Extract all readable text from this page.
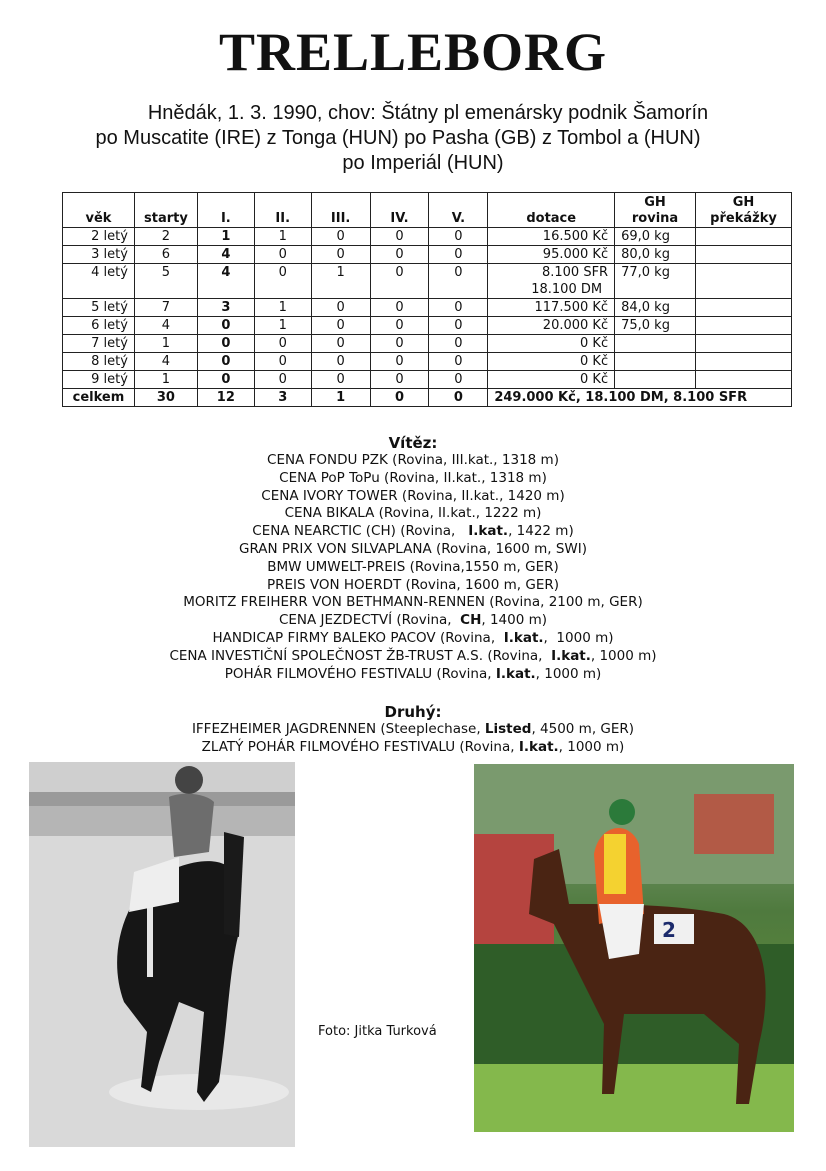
TRELLEBORG
Hnědák, 1. 3. 1990, chov: Štátny pl emenársky podnik Šamorín
po Muscatite (IRE) z Tonga (HUN) po Pasha (GB) z Tombol a (HUN)
po Imperiál (HUN)
věk	starty	I.	II.	III.	IV.	V.	dotace	GH rovina	GH překážky
2 letý	2	1	1	0	0	0	16.500 Kč	69,0 kg	
3 letý	6	4	0	0	0	0	95.000 Kč	80,0 kg	
4 letý	5	4	0	1	0	0	8.100 SFR
18.100 DM	77,0 kg	
5 letý	7	3	1	0	0	0	117.500 Kč	84,0 kg	
6 letý	4	0	1	0	0	0	20.000 Kč	75,0 kg	
7 letý	1	0	0	0	0	0	0 Kč		

8 letý	4	0	0	0	0	0	0 Kč		

9 letý	1	0	0	0	0	0	0 Kč		

celkem	30	12	3	1	0	0	249.000 Kč, 18.100 DM, 8.100 SFR		
Vítěz:
CENA FONDU PZK (Rovina, III.kat., 1318 m)
CENA PoP ToPu (Rovina, II.kat., 1318 m)
CENA IVORY TOWER (Rovina, II.kat., 1420 m)
CENA BIKALA (Rovina, II.kat., 1222 m)
CENA NEARCTIC (CH) (Rovina,   I.kat., 1422 m)
GRAN PRIX VON SILVAPLANA (Rovina, 1600 m, SWI)
BMW UMWELT-PREIS (Rovina,1550 m, GER)
PREIS VON HOERDT (Rovina, 1600 m, GER)
MORITZ FREIHERR VON BETHMANN-RENNEN (Rovina, 2100 m, GER)
CENA JEZDECTVÍ (Rovina,  CH, 1400 m)
HANDICAP FIRMY BALEKO PACOV (Rovina,  I.kat.,  1000 m)
CENA INVESTIČNÍ SPOLEČNOST ŽB-TRUST A.S. (Rovina,  I.kat., 1000 m)
POHÁR FILMOVÉHO FESTIVALU (Rovina, I.kat., 1000 m)
Druhý:
IFFEZHEIMER JAGDRENNEN (Steeplechase, Listed, 4500 m, GER)
ZLATÝ POHÁR FILMOVÉHO FESTIVALU (Rovina, I.kat., 1000 m)
2
Foto: Jitka Turková
